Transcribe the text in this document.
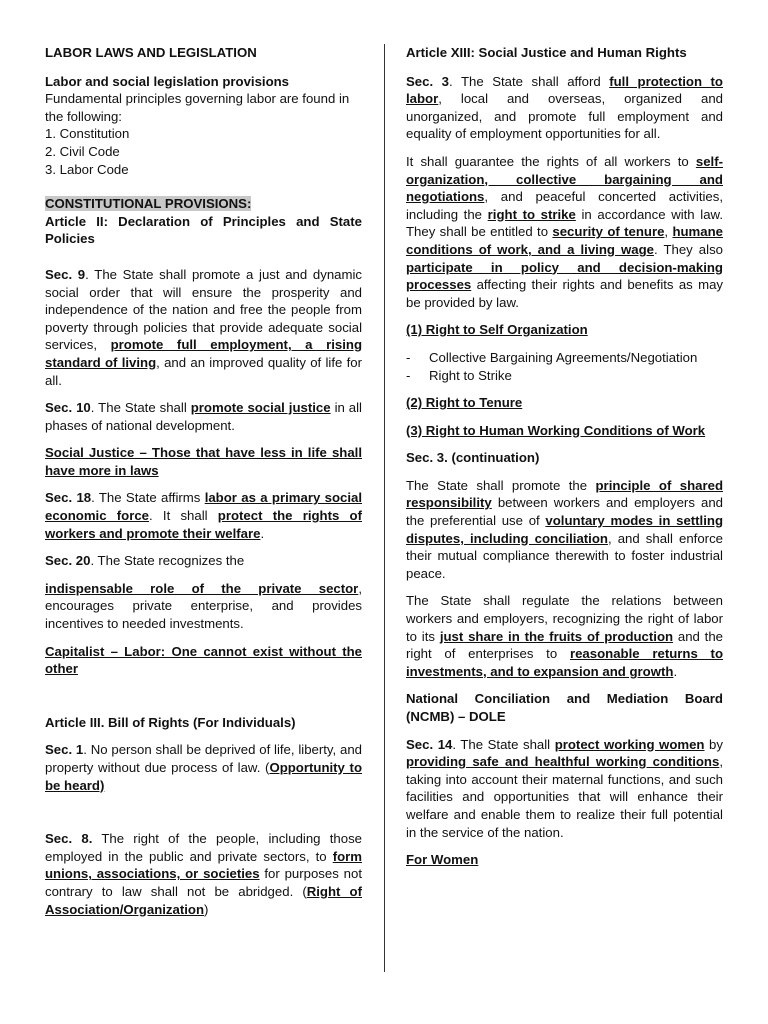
LABOR LAWS AND LEGISLATION

Labor and social legislation provisions

Fundamental principles governing labor are found in the following:

1. Constitution

2. Civil Code

3. Labor Code

CONSTITUTIONAL PROVISIONS:

Article II: Declaration of Principles and State Policies

Sec. 9. The State shall promote a just and dynamic social order that will ensure the prosperity and independence of the nation and free the people from poverty through policies that provide adequate social services, promote full employment, a rising standard of living, and an improved quality of life for all.

Sec. 10. The State shall promote social justice in all phases of national development.

Social Justice – Those that have less in life shall have more in laws

Sec. 18. The State affirms labor as a primary social economic force. It shall protect the rights of workers and promote their welfare.

Sec. 20. The State recognizes the

indispensable role of the private sector, encourages private enterprise, and provides incentives to needed investments.

Capitalist – Labor: One cannot exist without the other

Article III. Bill of Rights (For Individuals)

Sec. 1. No person shall be deprived of life, liberty, and property without due process of law. (Opportunity to be heard)

Sec. 8. The right of the people, including those employed in the public and private sectors, to form unions, associations, or societies for purposes not contrary to law shall not be abridged. (Right of Association/Organization)

Article XIII: Social Justice and Human Rights

Sec. 3. The State shall afford full protection to labor, local and overseas, organized and unorganized, and promote full employment and equality of employment opportunities for all.

It shall guarantee the rights of all workers to self-organization, collective bargaining and negotiations, and peaceful concerted activities, including the right to strike in accordance with law. They shall be entitled to security of tenure, humane conditions of work, and a living wage. They also participate in policy and decision-making processes affecting their rights and benefits as may be provided by law.

(1) Right to Self Organization

- Collective Bargaining Agreements/Negotiation
- Right to Strike

(2) Right to Tenure

(3) Right to Human Working Conditions of Work

Sec. 3. (continuation)

The State shall promote the principle of shared responsibility between workers and employers and the preferential use of voluntary modes in settling disputes, including conciliation, and shall enforce their mutual compliance therewith to foster industrial peace.

The State shall regulate the relations between workers and employers, recognizing the right of labor to its just share in the fruits of production and the right of enterprises to reasonable returns to investments, and to expansion and growth.

National Conciliation and Mediation Board (NCMB) – DOLE

Sec. 14. The State shall protect working women by providing safe and healthful working conditions, taking into account their maternal functions, and such facilities and opportunities that will enhance their welfare and enable them to realize their full potential in the service of the nation.

For Women
